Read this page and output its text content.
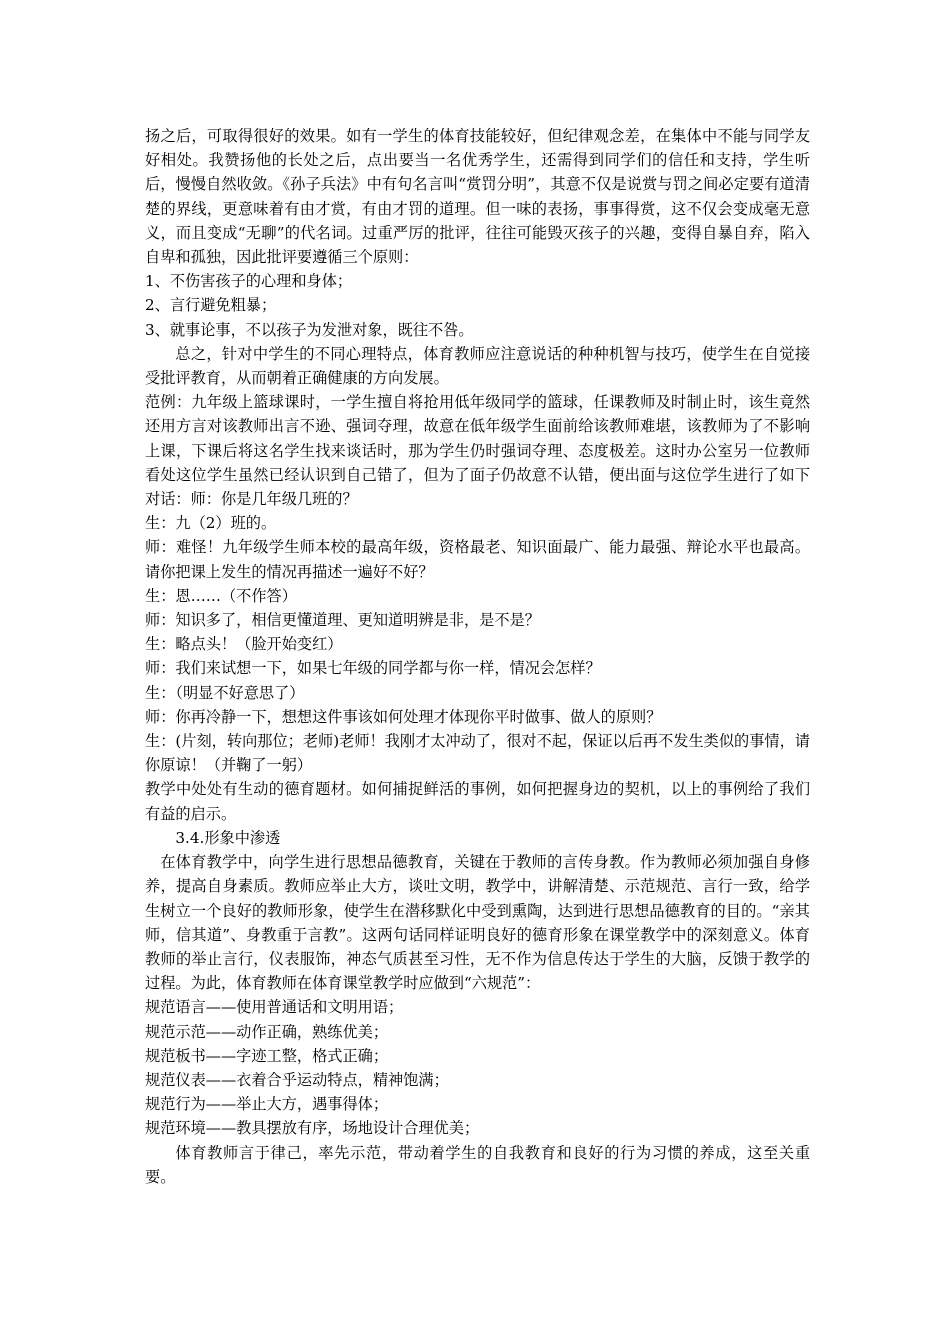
扬之后，可取得很好的效果。如有一学生的体育技能较好，但纪律观念差，在集体中不能与同学友好相处。我赞扬他的长处之后，点出要当一名优秀学生，还需得到同学们的信任和支持，学生听后，慢慢自然收敛。《孙子兵法》中有句名言叫“赏罚分明”，其意不仅是说赏与罚之间必定要有道清楚的界线，更意味着有由才赏，有由才罚的道理。但一味的表扬，事事得赏，这不仅会变成毫无意义，而且变成“无聊”的代名词。过重严厉的批评，往往可能毁灭孩子的兴趣，变得自暴自弃，陷入自卑和孤独，因此批评要遵循三个原则：

1、不伤害孩子的心理和身体；

2、言行避免粗暴；

3、就事论事，不以孩子为发泄对象，既往不咎。

总之，针对中学生的不同心理特点，体育教师应注意说话的种种机智与技巧，使学生在自觉接受批评教育，从而朝着正确健康的方向发展。

范例：九年级上篮球课时，一学生擅自将抢用低年级同学的篮球，任课教师及时制止时，该生竟然还用方言对该教师出言不逊、强词夺理，故意在低年级学生面前给该教师难堪，该教师为了不影响上课，下课后将这名学生找来谈话时，那为学生仍时强词夺理、态度极差。这时办公室另一位教师看处这位学生虽然已经认识到自己错了，但为了面子仍故意不认错，便出面与这位学生进行了如下对话：师：你是几年级几班的？

生：九（2）班的。

师：难怪！九年级学生师本校的最高年级，资格最老、知识面最广、能力最强、辩论水平也最高。请你把课上发生的情况再描述一遍好不好？

生：恩……（不作答）

师：知识多了，相信更懂道理、更知道明辨是非，是不是？

生：略点头！（脸开始变红）

师：我们来试想一下，如果七年级的同学都与你一样，情况会怎样？

生：（明显不好意思了）

师：你再冷静一下，想想这件事该如何处理才体现你平时做事、做人的原则？

生：(片刻，转向那位；老师)老师！我刚才太冲动了，很对不起，保证以后再不发生类似的事情，请你原谅！（并鞠了一躬）

教学中处处有生动的德育题材。如何捕捉鲜活的事例，如何把握身边的契机，以上的事例给了我们有益的启示。

3.4.形象中渗透

在体育教学中，向学生进行思想品德教育，关键在于教师的言传身教。作为教师必须加强自身修养，提高自身素质。教师应举止大方，谈吐文明，教学中，讲解清楚、示范规范、言行一致，给学生树立一个良好的教师形象，使学生在潜移默化中受到熏陶，达到进行思想品德教育的目的。“亲其师，信其道”、身教重于言教”。这两句话同样证明良好的德育形象在课堂教学中的深刻意义。体育教师的举止言行，仪表服饰，神态气质甚至习性，无不作为信息传达于学生的大脑，反馈于教学的过程。为此，体育教师在体育课堂教学时应做到“六规范”：

规范语言——使用普通话和文明用语；

规范示范——动作正确，熟练优美；

规范板书——字迹工整，格式正确；

规范仪表——衣着合乎运动特点，精神饱满；

规范行为——举止大方，遇事得体；

规范环境——教具摆放有序，场地设计合理优美；

体育教师言于律己，率先示范，带动着学生的自我教育和良好的行为习惯的养成，这至关重要。
